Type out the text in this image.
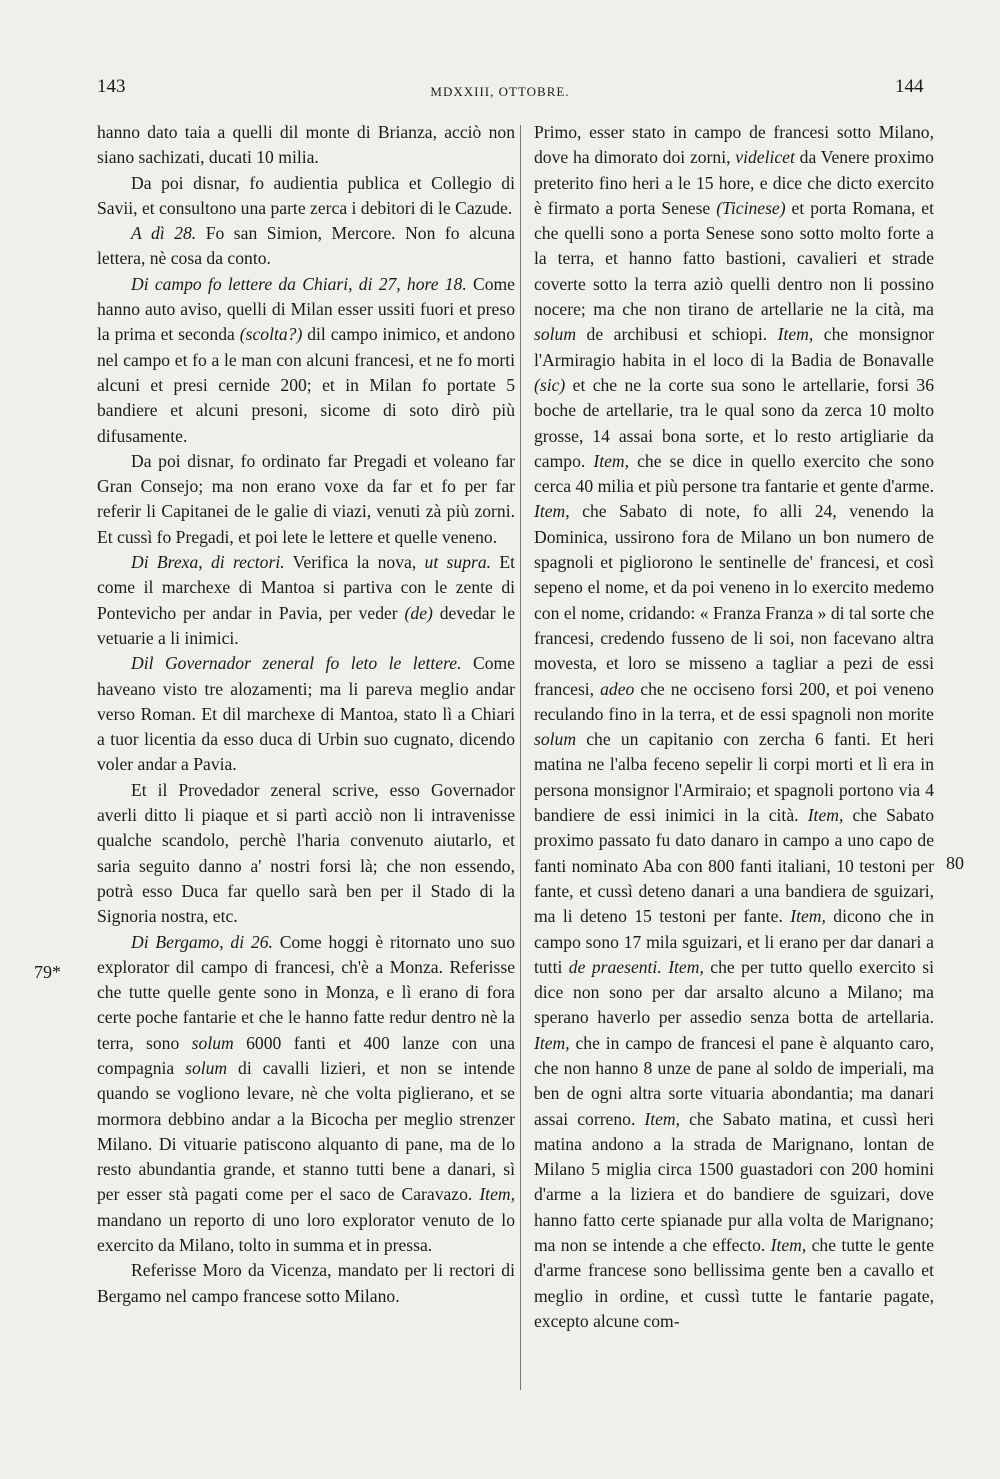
143	MDXXIII, OTTOBRE.	144

hanno dato taia a quelli dil monte di Brianza, acciò non siano sachizati, ducati 10 milia.

Da poi disnar, fo audientia publica et Collegio di Savii, et consultono una parte zerca i debitori di le Cazude.

A dì 28. Fo san Simion, Mercore. Non fo alcuna lettera, nè cosa da conto.

Di campo fo lettere da Chiari, di 27, hore 18. Come hanno auto aviso, quelli di Milan esser ussiti fuori et preso la prima et seconda (scolta?) dil campo inimico, et andono nel campo et fo a le man con alcuni francesi, et ne fo morti alcuni et presi cernide 200; et in Milan fo portate 5 bandiere et alcuni presoni, sicome di soto dirò più difusamente.

Da poi disnar, fo ordinato far Pregadi et voleano far Gran Consejo; ma non erano voxe da far et fo per far referir li Capitanei de le galie di viazi, venuti zà più zorni. Et cussì fo Pregadi, et poi lete le lettere et quelle veneno.

Di Brexa, di rectori. Verifica la nova, ut supra. Et come il marchexe di Mantoa si partiva con le zente di Pontevicho per andar in Pavia, per veder (de) devedar le vetuarie a li inimici.

Dil Governador zeneral fo leto le lettere. Come haveano visto tre alozamenti; ma li pareva meglio andar verso Roman. Et dil marchexe di Mantoa, stato lì a Chiari a tuor licentia da esso duca di Urbin suo cugnato, dicendo voler andar a Pavia.

Et il Provedador zeneral scrive, esso Governador averli ditto li piaque et si partì acciò non li intravenisse qualche scandolo, perchè l'haria convenuto aiutarlo, et saria seguito danno a' nostri forsi là; che non essendo, potrà esso Duca far quello sarà ben per il Stado di la Signoria nostra, etc.

Di Bergamo, di 26. Come hoggi è ritornato uno suo explorator dil campo di francesi, ch'è a Monza. Referisse che tutte quelle gente sono in Monza, e lì erano di fora certe poche fantarie et che le hanno fatte redur dentro nè la terra, sono solum 6000 fanti et 400 lanze con una compagnia solum di cavalli lizieri, et non se intende quando se vogliono levare, nè che volta piglierano, et se mormora debbino andar a la Bicocha per meglio strenzer Milano. Di vituarie patiscono alquanto di pane, ma de lo resto abundantia grande, et stanno tutti bene a danari, sì per esser stà pagati come per el saco de Caravazo. Item, mandano un reporto di uno loro explorator venuto de lo exercito da Milano, tolto in summa et in pressa.

Referisse Moro da Vicenza, mandato per li rectori di Bergamo nel campo francese sotto Milano.

Primo, esser stato in campo de francesi sotto Milano, dove ha dimorato doi zorni, videlicet da Venere proximo preterito fino heri a le 15 hore, e dice che dicto exercito è firmato a porta Senese (Ticinese) et porta Romana, et che quelli sono a porta Senese sono sotto molto forte a la terra, et hanno fatto bastioni, cavalieri et strade coverte sotto la terra aziò quelli dentro non li possino nocere; ma che non tirano de artellarie ne la cità, ma solum de archibusi et schiopi. Item, che monsignor l'Armiragio habita in el loco di la Badia de Bonavalle (sic) et che ne la corte sua sono le artellarie, forsi 36 boche de artellarie, tra le qual sono da zerca 10 molto grosse, 14 assai bona sorte, et lo resto artigliarie da campo. Item, che se dice in quello exercito che sono cerca 40 milia et più persone tra fantarie et gente d'arme. Item, che Sabato di note, fo alli 24, venendo la Dominica, ussirono fora de Milano un bon numero de spagnoli et pigliorono le sentinelle de' francesi, et così sepeno el nome, et da poi veneno in lo exercito medemo con el nome, cridando: « Franza Franza » di tal sorte che francesi, credendo fusseno de li soi, non facevano altra movesta, et loro se misseno a tagliar a pezi de essi francesi, adeo che ne occiseno forsi 200, et poi veneno reculando fino in la terra, et de essi spagnoli non morite solum che un capitanio con zercha 6 fanti. Et heri matina ne l'alba feceno sepelir li corpi morti et lì era in persona monsignor l'Armiraio; et spagnoli portono via 4 bandiere de essi inimici in la cità. Item, che Sabato proximo passato fu dato danaro in campo a uno capo de fanti nominato Aba con 800 fanti italiani, 10 testoni per fante, et cussì deteno danari a una bandiera de sguizari, ma li deteno 15 testoni per fante. Item, dicono che in campo sono 17 mila sguizari, et li erano per dar danari a tutti de praesenti. Item, che per tutto quello exercito si dice non sono per dar arsalto alcuno a Milano; ma sperano haverlo per assedio senza botta de artellaria. Item, che in campo de francesi el pane è alquanto caro, che non hanno 8 unze de pane al soldo de imperiali, ma ben de ogni altra sorte vituaria abondantia; ma danari assai correno. Item, che Sabato matina, et cussì heri matina andono a la strada de Marignano, lontan de Milano 5 miglia circa 1500 guastadori con 200 homini d'arme a la liziera et do bandiere de sguizari, dove hanno fatto certe spianade pur alla volta de Marignano; ma non se intende a che effecto. Item, che tutte le gente d'arme francese sono bellissima gente ben a cavallo et meglio in ordine, et cussì tutte le fantarie pagate, excepto alcune com-

79*
80
